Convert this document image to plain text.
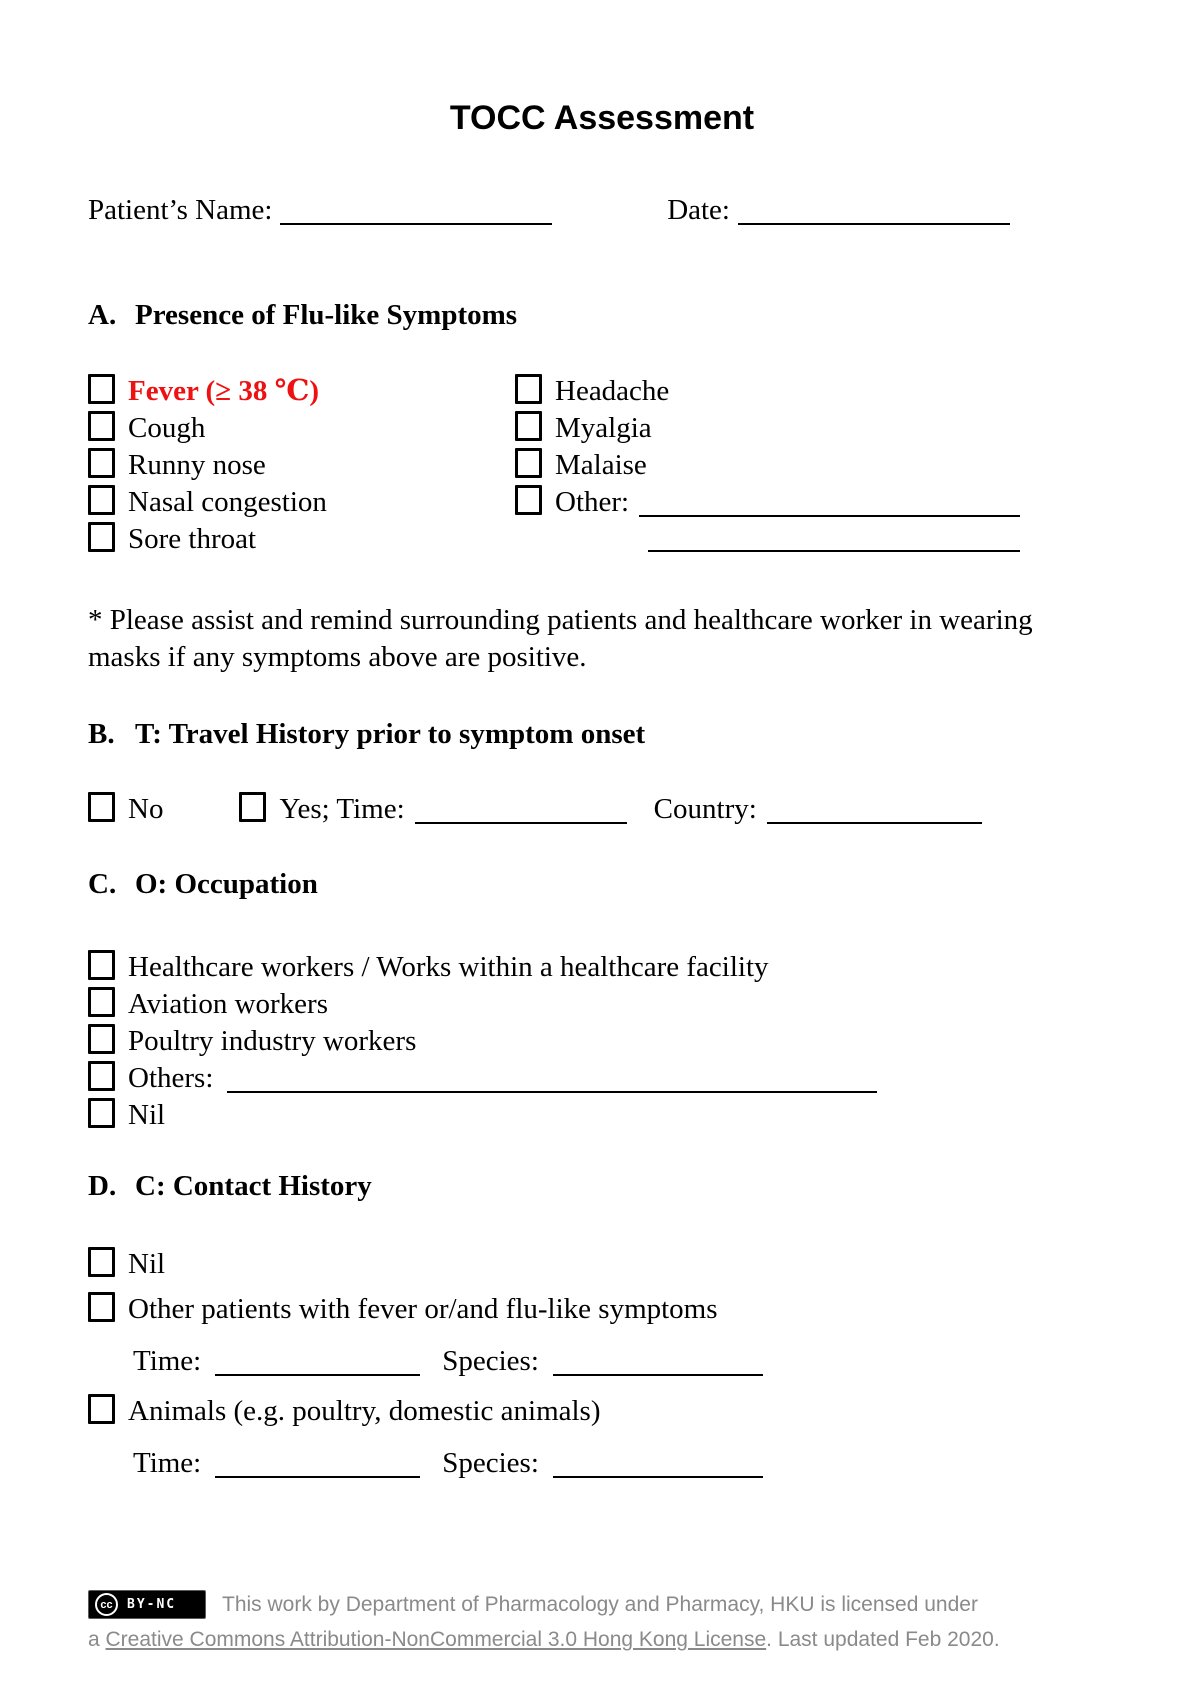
TOCC Assessment
Patient’s Name:	Date:
A. Presence of Flu-like Symptoms
Fever (≥ 38 ℃)
Cough
Runny nose
Nasal congestion
Sore throat
Headache
Myalgia
Malaise
Other:
* Please assist and remind surrounding patients and healthcare worker in wearing masks if any symptoms above are positive.
B. T: Travel History prior to symptom onset
No	Yes; Time:	Country:
C. O: Occupation
Healthcare workers / Works within a healthcare facility
Aviation workers
Poultry industry workers
Others:
Nil
D. C: Contact History
Nil
Other patients with fever or/and flu-like symptoms
Time:	Species:
Animals (e.g. poultry, domestic animals)
Time:	Species:
cc BY-NC This work by Department of Pharmacology and Pharmacy, HKU is licensed under
a Creative Commons Attribution-NonCommercial 3.0 Hong Kong License. Last updated Feb 2020.
